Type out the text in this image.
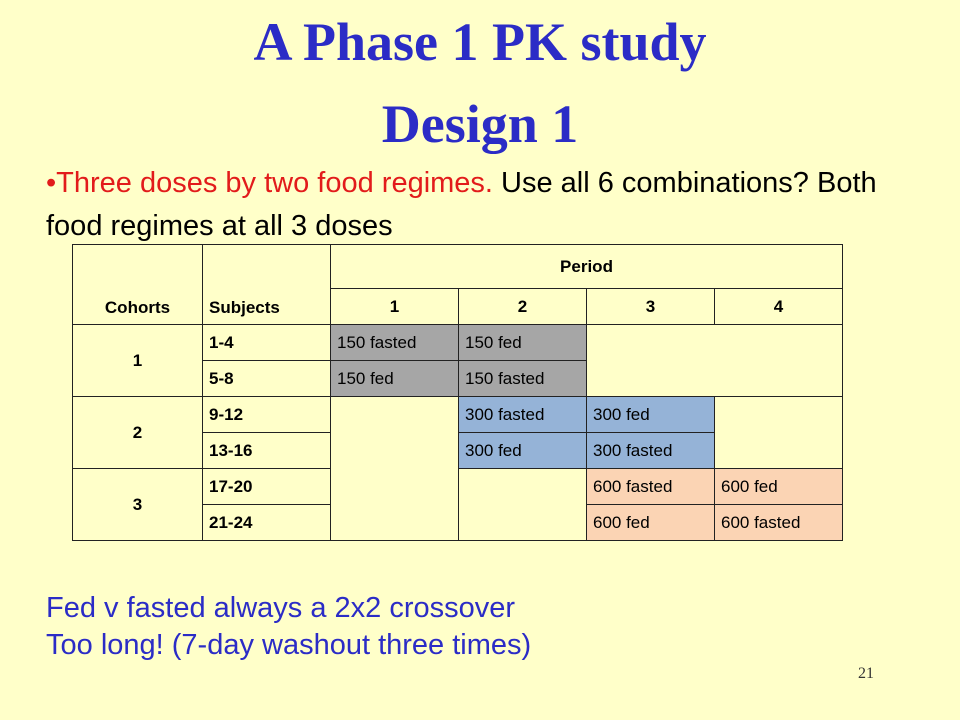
A Phase 1 PK study
Design 1
•Three doses by two food regimes. Use all 6 combinations? Both food regimes at all 3 doses
Cohorts	Subjects	Period			
		1	2	3	4
1	1-4	150 fasted	150 fed		
	5-8	150 fed	150 fasted		
2	9-12		300 fasted	300 fed	
	13-16		300 fed	300 fasted	
3	17-20			600 fasted	600 fed
	21-24			600 fed	600 fasted
Fed v fasted always a 2x2 crossover
Too long! (7-day washout three times)
21
